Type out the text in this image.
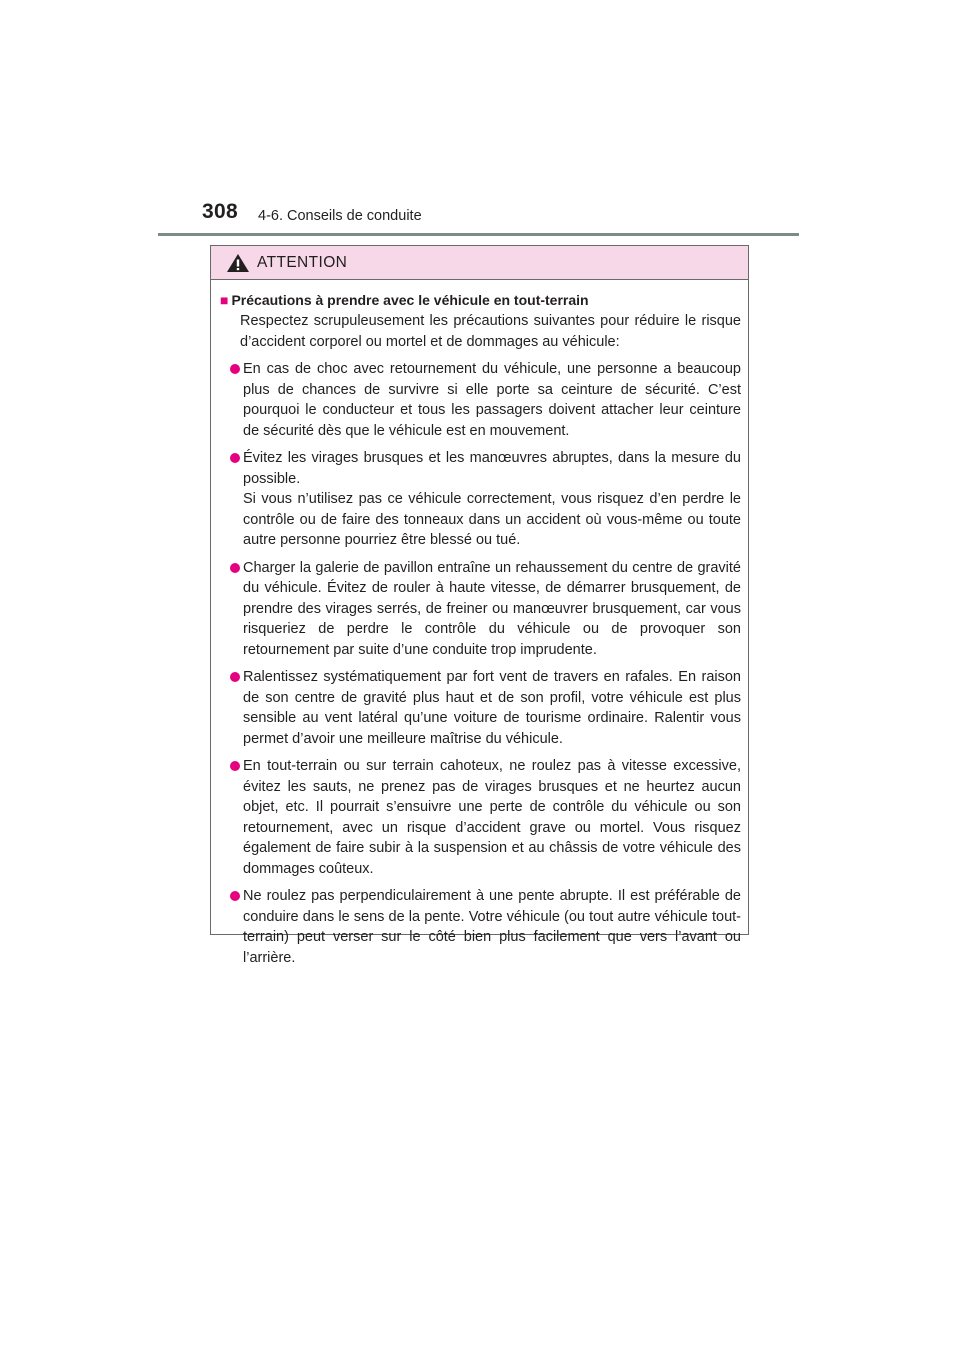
308 4-6. Conseils de conduite
ATTENTION
■ Précautions à prendre avec le véhicule en tout-terrain
Respectez scrupuleusement les précautions suivantes pour réduire le risque d’accident corporel ou mortel et de dommages au véhicule:

En cas de choc avec retournement du véhicule, une personne a beaucoup plus de chances de survivre si elle porte sa ceinture de sécurité. C’est pourquoi le conducteur et tous les passagers doivent attacher leur ceinture de sécurité dès que le véhicule est en mouvement.

Évitez les virages brusques et les manœuvres abruptes, dans la mesure du possible.

Si vous n’utilisez pas ce véhicule correctement, vous risquez d’en perdre le contrôle ou de faire des tonneaux dans un accident où vous-même ou toute autre personne pourriez être blessé ou tué.

Charger la galerie de pavillon entraîne un rehaussement du centre de gravité du véhicule. Évitez de rouler à haute vitesse, de démarrer brusquement, de prendre des virages serrés, de freiner ou manœuvrer brusquement, car vous risqueriez de perdre le contrôle du véhicule ou de provoquer son retournement par suite d’une conduite trop imprudente.

Ralentissez systématiquement par fort vent de travers en rafales. En raison de son centre de gravité plus haut et de son profil, votre véhicule est plus sensible au vent latéral qu’une voiture de tourisme ordinaire. Ralentir vous permet d’avoir une meilleure maîtrise du véhicule.

En tout-terrain ou sur terrain cahoteux, ne roulez pas à vitesse excessive, évitez les sauts, ne prenez pas de virages brusques et ne heurtez aucun objet, etc. Il pourrait s’ensuivre une perte de contrôle du véhicule ou son retournement, avec un risque d’accident grave ou mortel. Vous risquez également de faire subir à la suspension et au châssis de votre véhicule des dommages coûteux.

Ne roulez pas perpendiculairement à une pente abrupte. Il est préférable de conduire dans le sens de la pente. Votre véhicule (ou tout autre véhicule tout-terrain) peut verser sur le côté bien plus facilement que vers l’avant ou l’arrière.
